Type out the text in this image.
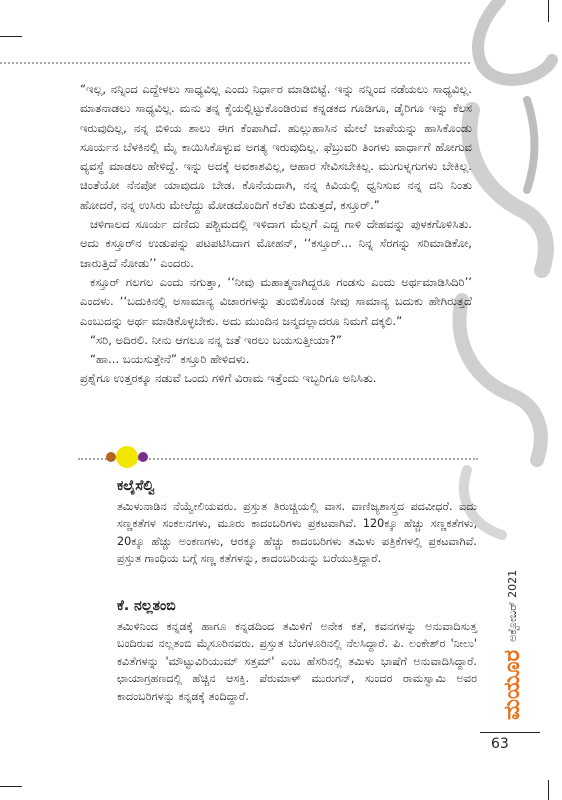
“ಇಲ್ಲ, ನನ್ನಿಂದ ಎದ್ದೇಳಲು ಸಾಧ್ಯವಿಲ್ಲ ಎಂದು ನಿರ್ಧಾರ ಮಾಡಿಬಿಟ್ಟೆ. ಇನ್ನು ನನ್ನಿಂದ ನಡೆಯಲು ಸಾಧ್ಯವಿಲ್ಲ. ಮಾತನಾಡಲು ಸಾಧ್ಯವಿಲ್ಲ. ಮನು ತನ್ನ ಕೈಯಲ್ಲಿಟ್ಟುಕೊಂಡಿರುವ ಕನ್ನಡಕದ ಗೂಡಿಗೂ, ಡೈರಿಗೂ ಇನ್ನು ಕೆಲಸ ಇರುವುದಿಲ್ಲ, ನನ್ನ ಬಿಳಿಯ ಶಾಲು ಈಗ ಕೆಂಪಾಗಿದೆ. ಹುಲ್ಲುಹಾಸಿನ ಮೇಲೆ ಚಾಪೆಯನ್ನು ಹಾಸಿಕೊಂಡು ಸೂರ್ಯನ ಬೆಳಕಿನಲ್ಲಿ ಮೈ ಕಾಯಿಸಿಕೊಳ್ಳುವ ಅಗತ್ಯ ಇರುವುದಿಲ್ಲ. ಫೆಬ್ರುವರಿ ತಿಂಗಳು ವಾರ್ಧಾಗೆ ಹೋಗುವ ವ್ಯವಸ್ಥೆ ಮಾಡಲು ಹೇಳಿದ್ದೆ. ಇನ್ನು ಅದಕ್ಕೆ ಅವಕಾಶವಿಲ್ಲ, ಆಹಾರ ಸೇವಿಸಬೇಕಿಲ್ಲ. ಮುಗುಳ್ನಗುಗಳು ಬೇಕಿಲ್ಲ. ಚಿಂತೆಯೋ ನೆನಪೋ ಯಾವುದೂ ಬೇಡ. ಕೊನೆಯದಾಗಿ, ನನ್ನ ಕಿವಿಯಲ್ಲಿ ಧ್ವನಿಸುವ ನನ್ನ ದನಿ ನಿಂತು ಹೋದರೆ, ನನ್ನ ಉಸಿರು ಮೇಲೆದ್ದು ಮೋಡದೊಂದಿಗೆ ಕಲೆತು ಬಿಡುತ್ತದೆ, ಕಸ್ತೂರ್.”

ಚಳಿಗಾಲದ ಸೂರ್ಯ ದಣಿದು ಪಶ್ಚಿಮದಲ್ಲಿ ಇಳಿದಾಗ ಮೆಲ್ಲಗೆ ಎದ್ದ ಗಾಳಿ ದೇಹವನ್ನು ಪುಳಕಗೊಳಿಸಿತು. ಅದು ಕಸ್ತೂರ್‌ನ ಉಡುಪನ್ನು ಪಟಪಟಿಸಿದಾಗ ಮೋಹನ್, ‘‘ಕಸ್ತೂರ್... ನಿನ್ನ ಸೆರಗನ್ನು ಸರಿಮಾಡಿಕೋ, ಜಾರುತ್ತಿದೆ ನೋಡು’’ ಎಂದರು.

ಕಸ್ತೂರ್ ಗಲಗಲ ಎಂದು ನಗುತ್ತಾ, ‘‘ನೀವು ಮಹಾತ್ಮನಾಗಿದ್ದರೂ ಗಂಡಸು ಎಂದು ಅರ್ಥಮಾಡಿಸಿದಿರಿ’’ ಎಂದಳು. ‘‘ಬದುಕಿನಲ್ಲಿ ಅಸಾಮಾನ್ಯ ವಿಚಾರಗಳನ್ನು ತುಂಬಿಕೊಂಡ ನೀವು ಸಾಮಾನ್ಯ ಬದುಕು ಹೇಗಿರುತ್ತದೆ ಎಂಬುದನ್ನು ಅರ್ಥ ಮಾಡಿಕೊಳ್ಳಬೇಕು. ಅದು ಮುಂದಿನ ಜನ್ಮದಲ್ಲಾದರೂ ನಿಮಗೆ ದಕ್ಕಲಿ.”

“ಸರಿ, ಅದಿರಲಿ. ನೀನು ಆಗಲೂ ನನ್ನ ಜತೆ ಇರಲು ಬಯಸುತ್ತೀಯಾ?”

“ಹಾ... ಬಯಸುತ್ತೇನೆ” ಕಸ್ತೂರಿ ಹೇಳಿದಳು.

ಪ್ರಶ್ನೆಗೂ ಉತ್ತರಕ್ಕೂ ನಡುವೆ ಒಂದು ಗಳಿಗೆ ವಿರಾಮ ಇತ್ತೆಂದು ಇಬ್ಬರಿಗೂ ಅನಿಸಿತು.

ಕಲೈಸೆಲ್ವಿ

ತಮಿಳುನಾಡಿನ ನೆಯ್ವೇಲಿಯವರು. ಪ್ರಸ್ತುತ ತಿರುಚ್ಚಿಯಲ್ಲಿ ವಾಸ. ವಾಣಿಜ್ಯಶಾಸ್ತ್ರದ ಪದವೀಧರೆ. ಐದು ಸಣ್ಣಕತೆಗಳ ಸಂಕಲನಗಳು, ಮೂರು ಕಾದಂಬರಿಗಳು ಪ್ರಕಟವಾಗಿವೆ. 120ಕ್ಕೂ ಹೆಚ್ಚು ಸಣ್ಣಕತೆಗಳು, 20ಕ್ಕೂ ಹೆಚ್ಚು ಅಂಕಣಗಳು, ಆರಕ್ಕೂ ಹೆಚ್ಚು ಕಾದಂಬರಿಗಳು ತಮಿಳು ಪತ್ರಿಕೆಗಳಲ್ಲಿ ಪ್ರಕಟವಾಗಿವೆ. ಪ್ರಸ್ತುತ ಗಾಂಧಿಯ ಬಗ್ಗೆ ಸಣ್ಣ ಕತೆಗಳನ್ನು, ಕಾದಂಬರಿಯನ್ನು ಬರೆಯುತ್ತಿದ್ದಾರೆ.

ಕೆ. ನಲ್ಲತಂಬಿ

ತಮಿಳಿನಿಂದ ಕನ್ನಡಕ್ಕೆ ಹಾಗೂ ಕನ್ನಡದಿಂದ ತಮಿಳಿಗೆ ಅನೇಕ ಕತೆ, ಕವನಗಳನ್ನು ಅನುವಾದಿಸುತ್ತ ಬಂದಿರುವ ನಲ್ಲತಂಬಿ ಮೈಸೂರಿನವರು. ಪ್ರಸ್ತುತ ಬೆಂಗಳೂರಿನಲ್ಲಿ ನೆಲಸಿದ್ದಾರೆ. ಪಿ. ಲಂಕೇಶ್‌ರ 'ನೀಲು' ಕವಿತೆಗಳನ್ನು 'ಮೌಟ್ಟುವಿರಿಯುಮ್ ಸತ್ತಮ್' ಎಂಬ ಹೆಸರಿನಲ್ಲಿ ತಮಿಳು ಭಾಷೆಗೆ ಅನುವಾದಿಸಿದ್ದಾರೆ. ಛಾಯಾಗ್ರಹಣದಲ್ಲಿ ಹೆಚ್ಚಿನ ಆಸಕ್ತಿ. ಪೆರುಮಾಳ್ ಮುರುಗನ್, ಸುಂದರ ರಾಮಸ್ವಾಮಿ ಅವರ ಕಾದಂಬರಿಗಳನ್ನು ಕನ್ನಡಕ್ಕೆ ತಂದಿದ್ದಾರೆ.	ಮಯೂರ
ಅಕ್ಟೋಬರ್ 2021
63
